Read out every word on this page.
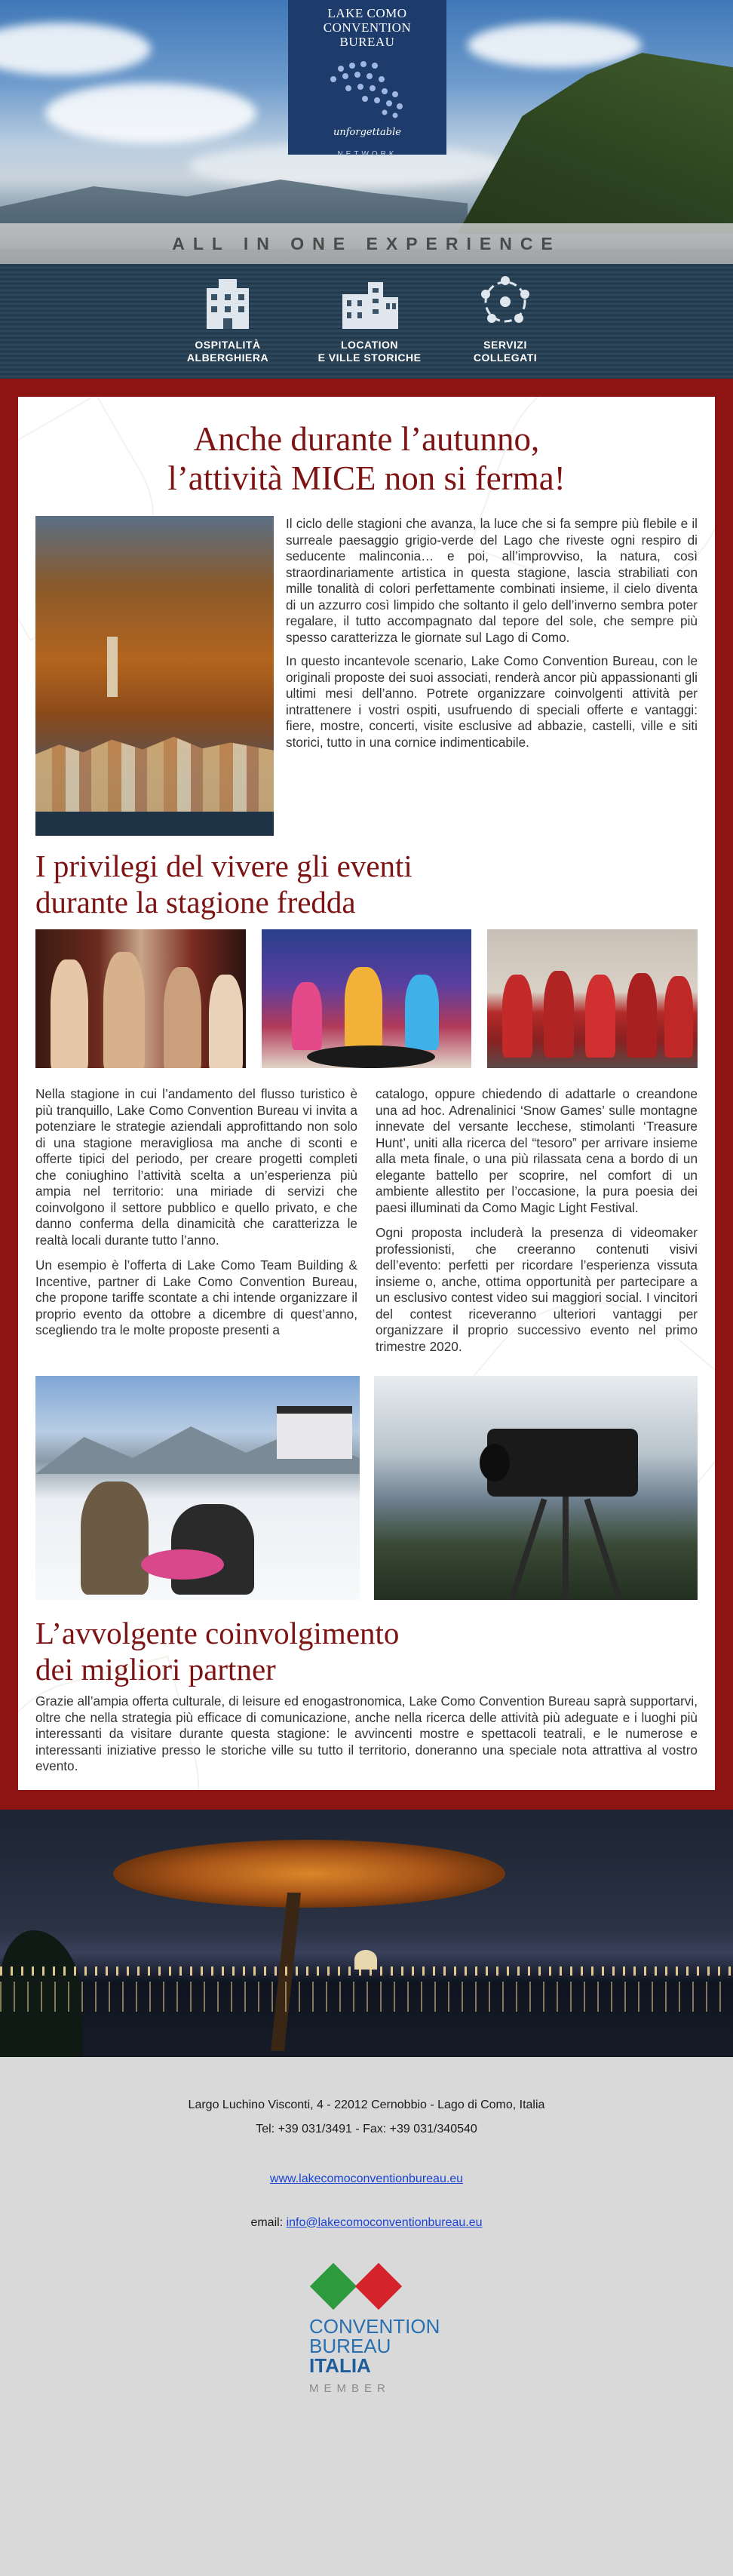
LAKE COMO
CONVENTION
BUREAU
unforgettable
NETWORK
ALL IN ONE EXPERIENCE
OSPITALITÀ
ALBERGHIERA
LOCATION
E VILLE STORICHE
SERVIZI
COLLEGATI
Anche durante l’autunno,
l’attività MICE non si ferma!

Il ciclo delle stagioni che avanza, la luce che si fa sempre più flebile e il surreale paesaggio grigio-verde del Lago che riveste ogni respiro di seducente malinconia… e poi, all’improvviso, la natura, così straordinariamente artistica in questa stagione, lascia strabiliati con mille tonalità di colori perfettamente combinati insieme, il cielo diventa di un azzurro così limpido che soltanto il gelo dell’inverno sembra poter regalare, il tutto accompagnato dal tepore del sole, che sempre più spesso caratterizza le giornate sul Lago di Como.

In questo incantevole scenario, Lake Como Convention Bureau, con le originali proposte dei suoi associati, renderà ancor più appassionanti gli ultimi mesi dell’anno. Potrete organizzare coinvolgenti attività per intrattenere i vostri ospiti, usufruendo di speciali offerte e vantaggi: fiere, mostre, concerti, visite esclusive ad abbazie, castelli, ville e siti storici, tutto in una cornice indimenticabile.

I privilegi del vivere gli eventi
durante la stagione fredda

Nella stagione in cui l’andamento del flusso turistico è più tranquillo, Lake Como Convention Bureau vi invita a potenziare le strategie aziendali approfittando non solo di una stagione meravigliosa ma anche di sconti e offerte tipici del periodo, per creare progetti completi che coniughino l’attività scelta a un’esperienza più ampia nel territorio: una miriade di servizi che coinvolgono il settore pubblico e quello privato, e che danno conferma della dinamicità che caratterizza le realtà locali durante tutto l’anno.

Un esempio è l’offerta di Lake Como Team Building & Incentive, partner di Lake Como Convention Bureau, che propone tariffe scontate a chi intende organizzare il proprio evento da ottobre a dicembre di quest’anno, scegliendo tra le molte proposte presenti a

catalogo, oppure chiedendo di adattarle o creandone una ad hoc. Adrenalinici ‘Snow Games’ sulle montagne innevate del versante lecchese, stimolanti ‘Treasure Hunt’, uniti alla ricerca del “tesoro” per arrivare insieme alla meta finale, o una più rilassata cena a bordo di un elegante battello per scoprire, nel comfort di un ambiente allestito per l’occasione, la pura poesia dei paesi illuminati da Como Magic Light Festival.

Ogni proposta includerà la presenza di videomaker professionisti, che creeranno contenuti visivi dell’evento: perfetti per ricordare l’esperienza vissuta insieme o, anche, ottima opportunità per partecipare a un esclusivo contest video sui maggiori social. I vincitori del contest riceveranno ulteriori vantaggi per organizzare il proprio successivo evento nel primo trimestre 2020.

L’avvolgente coinvolgimento
dei migliori partner

Grazie all’ampia offerta culturale, di leisure ed enogastronomica, Lake Como Convention Bureau saprà supportarvi, oltre che nella strategia più efficace di comunicazione, anche nella ricerca delle attività più adeguate e i luoghi più interessanti da visitare durante questa stagione: le avvincenti mostre e spettacoli teatrali, e le numerose e interessanti iniziative presso le storiche ville su tutto il territorio, doneranno una speciale nota attrattiva al vostro evento.

Largo Luchino Visconti, 4 - 22012 Cernobbio - Lago di Como, Italia
Tel: +39 031/3491 - Fax: +39 031/340540
www.lakecomoconventionbureau.eu
email: info@lakecomoconventionbureau.eu
CONVENTION
BUREAU
ITALIA
MEMBER
